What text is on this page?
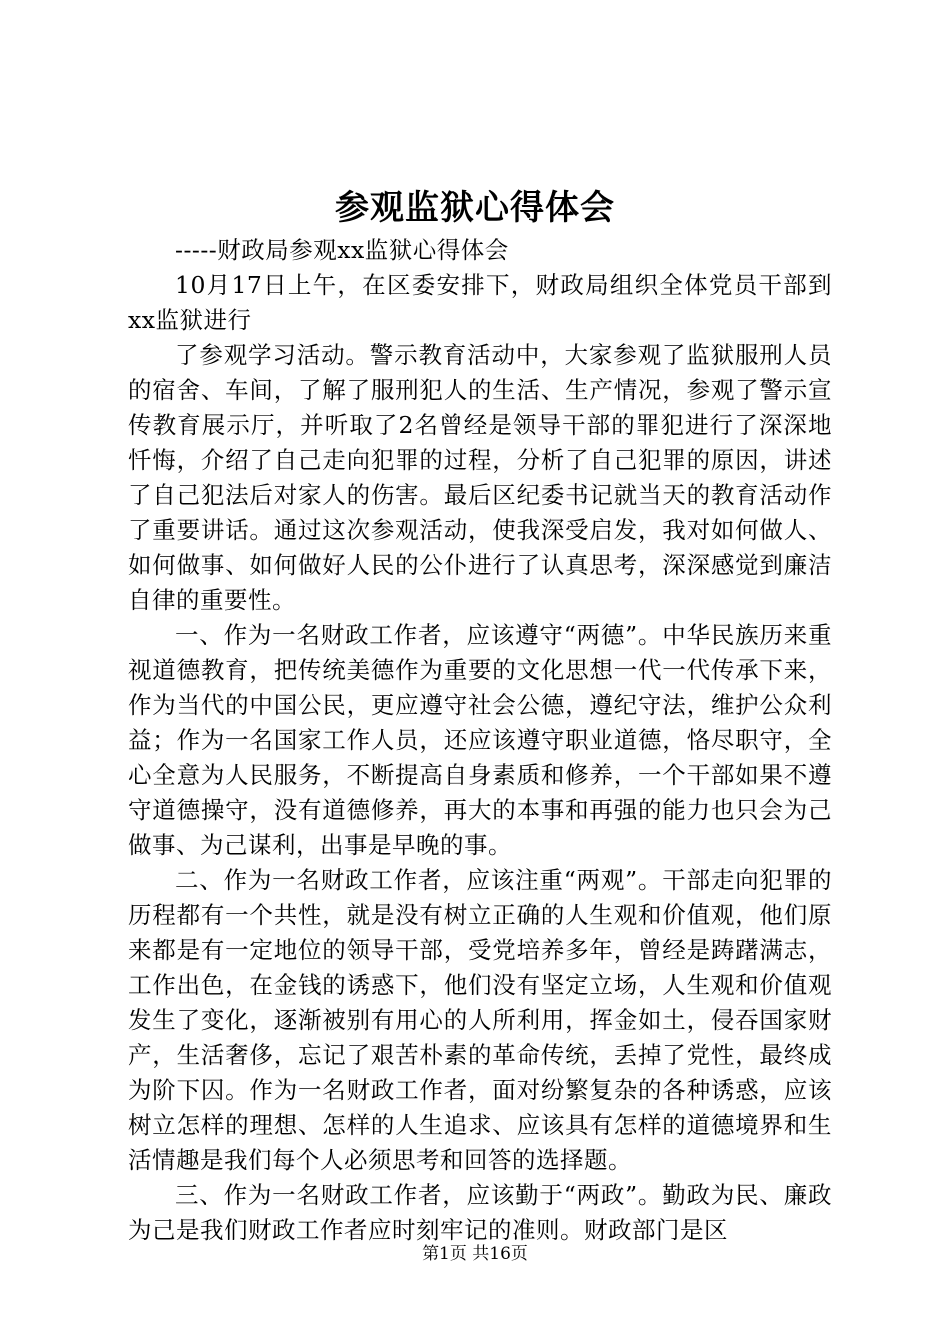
参观监狱心得体会

-----财政局参观xx监狱心得体会

10月17日上午，在区委安排下，财政局组织全体党员干部到xx监狱进行

了参观学习活动。警示教育活动中，大家参观了监狱服刑人员的宿舍、车间，了解了服刑犯人的生活、生产情况，参观了警示宣传教育展示厅，并听取了2名曾经是领导干部的罪犯进行了深深地忏悔，介绍了自己走向犯罪的过程，分析了自己犯罪的原因，讲述了自己犯法后对家人的伤害。最后区纪委书记就当天的教育活动作了重要讲话。通过这次参观活动，使我深受启发，我对如何做人、如何做事、如何做好人民的公仆进行了认真思考，深深感觉到廉洁自律的重要性。

一、作为一名财政工作者，应该遵守“两德”。中华民族历来重视道德教育，把传统美德作为重要的文化思想一代一代传承下来，作为当代的中国公民，更应遵守社会公德，遵纪守法，维护公众利益；作为一名国家工作人员，还应该遵守职业道德，恪尽职守，全心全意为人民服务，不断提高自身素质和修养，一个干部如果不遵守道德操守，没有道德修养，再大的本事和再强的能力也只会为己做事、为己谋利，出事是早晚的事。

二、作为一名财政工作者，应该注重“两观”。干部走向犯罪的历程都有一个共性，就是没有树立正确的人生观和价值观，他们原来都是有一定地位的领导干部，受党培养多年，曾经是踌躇满志，工作出色，在金钱的诱惑下，他们没有坚定立场，人生观和价值观发生了变化，逐渐被别有用心的人所利用，挥金如土，侵吞国家财产，生活奢侈，忘记了艰苦朴素的革命传统，丢掉了党性，最终成为阶下囚。作为一名财政工作者，面对纷繁复杂的各种诱惑，应该树立怎样的理想、怎样的人生追求、应该具有怎样的道德境界和生活情趣是我们每个人必须思考和回答的选择题。

三、作为一名财政工作者，应该勤于“两政”。勤政为民、廉政为己是我们财政工作者应时刻牢记的准则。财政部门是区

第1页 共16页
